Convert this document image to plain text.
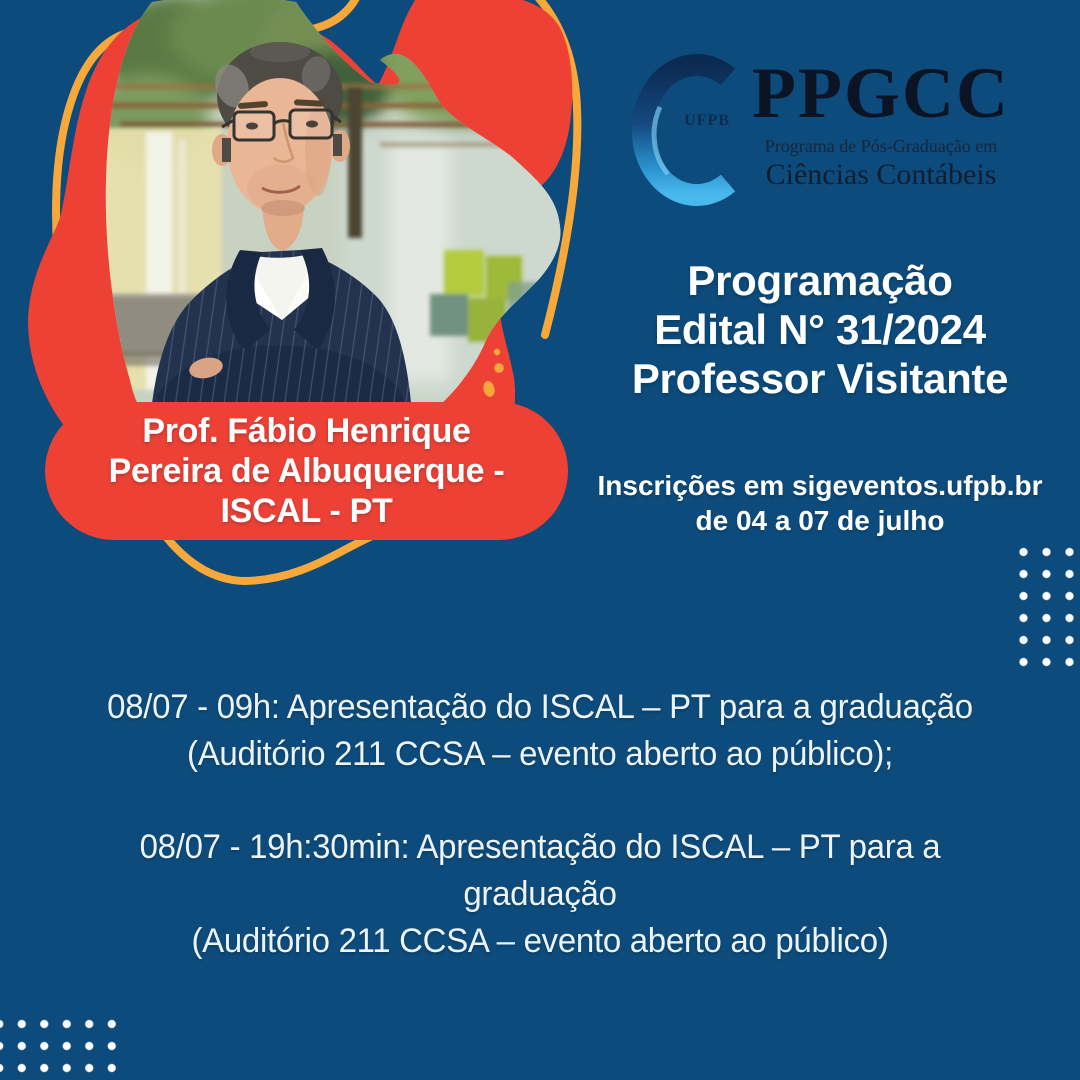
Prof. Fábio Henrique
Pereira de Albuquerque -
ISCAL - PT
UFPB PPGCC
Programa de Pós-Graduação em
Ciências Contábeis
Programação
Edital N° 31/2024
Professor Visitante
Inscrições em sigeventos.ufpb.br
de 04 a 07 de julho
08/07 - 09h: Apresentação do ISCAL – PT para a graduação
(Auditório 211 CCSA – evento aberto ao público);
08/07 - 19h:30min: Apresentação do ISCAL – PT para a
graduação
(Auditório 211 CCSA – evento aberto ao público)
